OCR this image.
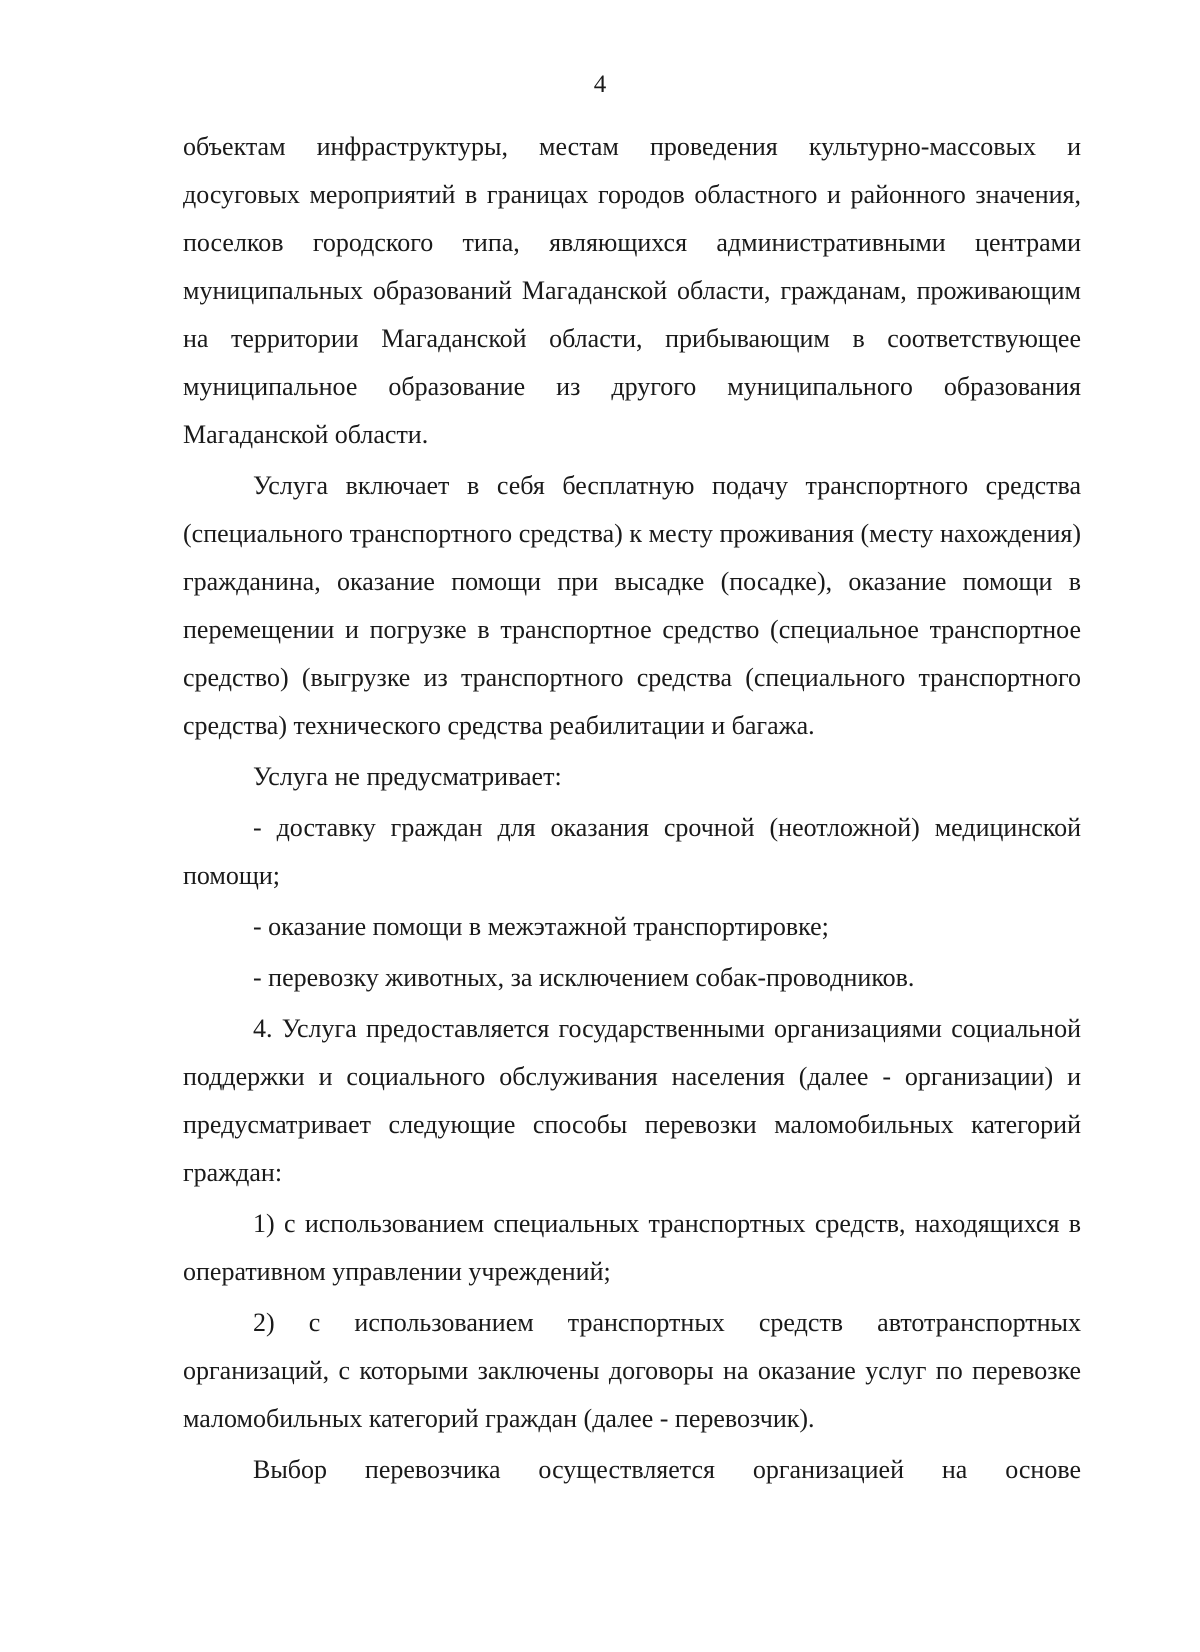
4

объектам инфраструктуры, местам проведения культурно-массовых и досуговых мероприятий в границах городов областного и районного значения, поселков городского типа, являющихся административными центрами муниципальных образований Магаданской области, гражданам, проживающим на территории Магаданской области, прибывающим в соответствующее муниципальное образование из другого муниципального образования Магаданской области.

Услуга включает в себя бесплатную подачу транспортного средства (специального транспортного средства) к месту проживания (месту нахождения) гражданина, оказание помощи при высадке (посадке), оказание помощи в перемещении и погрузке в транспортное средство (специальное транспортное средство) (выгрузке из транспортного средства (специального транспортного средства) технического средства реабилитации и багажа.

Услуга не предусматривает:

- доставку граждан для оказания срочной (неотложной) медицинской помощи;

- оказание помощи в межэтажной транспортировке;

- перевозку животных, за исключением собак-проводников.

4. Услуга предоставляется государственными организациями социальной поддержки и социального обслуживания населения (далее - организации) и предусматривает следующие способы перевозки маломобильных категорий граждан:

1) с использованием специальных транспортных средств, находящихся в оперативном управлении учреждений;

2) с использованием транспортных средств автотранспортных организаций, с которыми заключены договоры на оказание услуг по перевозке маломобильных категорий граждан (далее - перевозчик).

Выбор перевозчика осуществляется организацией на основе
